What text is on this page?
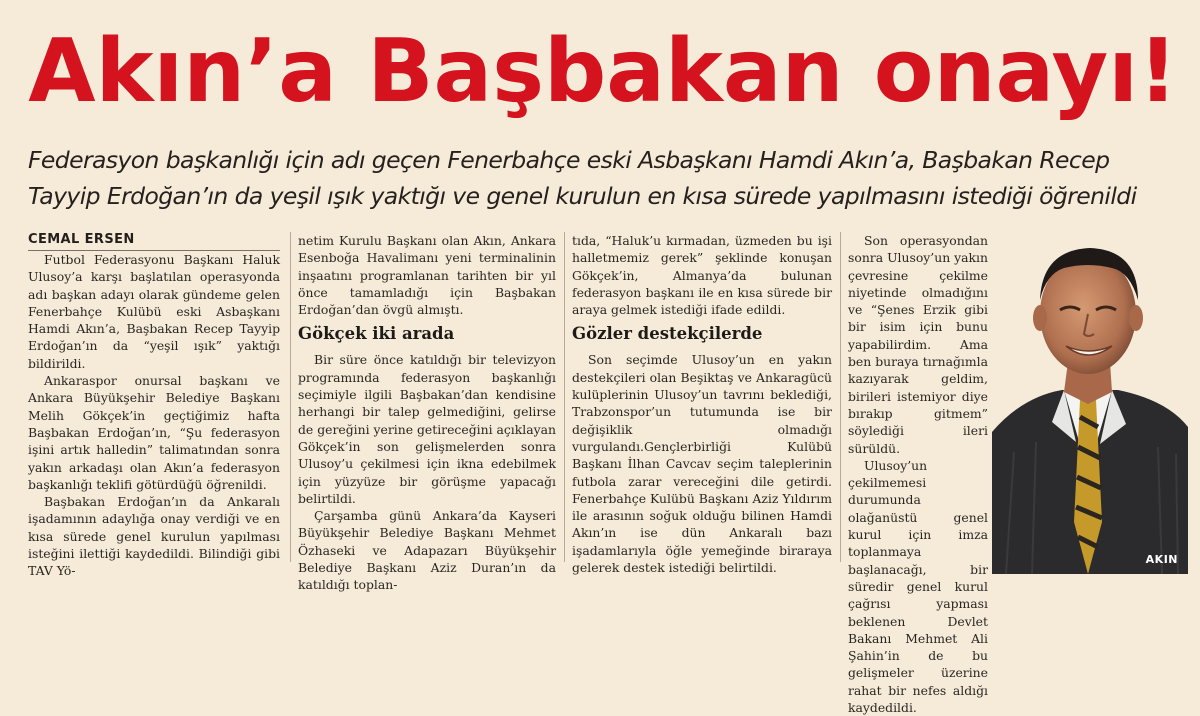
Akın’a Başbakan onayı!
Federasyon başkanlığı için adı geçen Fenerbahçe eski Asbaşkanı Hamdi Akın’a, Başbakan Recep
Tayyip Erdoğan’ın da yeşil ışık yaktığı ve genel kurulun en kısa sürede yapılmasını istediği öğrenildi

CEMAL ERSEN

Futbol Federasyonu Başkanı Haluk Ulusoy’a karşı başlatılan operasyonda adı başkan adayı olarak gündeme gelen Fenerbahçe Kulübü eski Asbaşkanı Hamdi Akın’a, Başbakan Recep Tayyip Erdoğan’ın da “yeşil ışık” yaktığı bildirildi.

Ankaraspor onursal başkanı ve Ankara Büyükşehir Belediye Başkanı Melih Gökçek’in geçtiğimiz hafta Başbakan Erdoğan’ın, “Şu federasyon işini artık halledin” talimatından sonra yakın arkadaşı olan Akın’a federasyon başkanlığı teklifi götürdüğü öğrenildi.

Başbakan Erdoğan’ın da Ankaralı işadamının adaylığa onay verdiği ve en kısa sürede genel kurulun yapılması isteğini ilettiği kaydedildi. Bilindiği gibi TAV Yö-

netim Kurulu Başkanı olan Akın, Ankara Esenboğa Havalimanı yeni terminalinin inşaatını programlanan tarihten bir yıl önce tamamladığı için Başbakan Erdoğan’dan övgü almıştı.

Gökçek iki arada

Bir süre önce katıldığı bir televizyon programında federasyon başkanlığı seçimiyle ilgili Başbakan’dan kendisine herhangi bir talep gelmediğini, gelirse de gereğini yerine getireceğini açıklayan Gökçek’in son gelişmelerden sonra Ulusoy’u çekilmesi için ikna edebilmek için yüzyüze bir görüşme yapacağı belirtildi.

Çarşamba günü Ankara’da Kayseri Büyükşehir Belediye Başkanı Mehmet Özhaseki ve Adapazarı Büyükşehir Belediye Başkanı Aziz Duran’ın da katıldığı toplan-

tıda, “Haluk’u kırmadan, üzmeden bu işi halletmemiz gerek” şeklinde konuşan Gökçek’in, Almanya’da bulunan federasyon başkanı ile en kısa sürede bir araya gelmek istediği ifade edildi.

Gözler destekçilerde

Son seçimde Ulusoy’un en yakın destekçileri olan Beşiktaş ve Ankaragücü kulüplerinin Ulusoy’un tavrını beklediği, Trabzonspor’un tutumunda ise bir değişiklik olmadığı vurgulandı.Gençlerbirliği Kulübü Başkanı İlhan Cavcav seçim taleplerinin futbola zarar vereceğini dile getirdi. Fenerbahçe Kulübü Başkanı Aziz Yıldırım ile arasının soğuk olduğu bilinen Hamdi Akın’ın ise dün Ankaralı bazı işadamlarıyla öğle yemeğinde biraraya gelerek destek istediği belirtildi.

Son operasyondan sonra Ulusoy’un yakın çevresine çekilme niyetinde olmadığını ve “Şenes Erzik gibi bir isim için bunu yapabilirdim. Ama ben buraya tırnağımla kazıyarak geldim, birileri istemiyor diye bırakıp gitmem” söylediği ileri sürüldü.

Ulusoy’un çekilmemesi durumunda olağanüstü genel kurul için imza toplanmaya başlanacağı, bir süredir genel kurul çağrısı yapması beklenen Devlet Bakanı Mehmet Ali Şahin’in de bu gelişmeler üzerine rahat bir nefes aldığı kaydedildi.

AKIN
